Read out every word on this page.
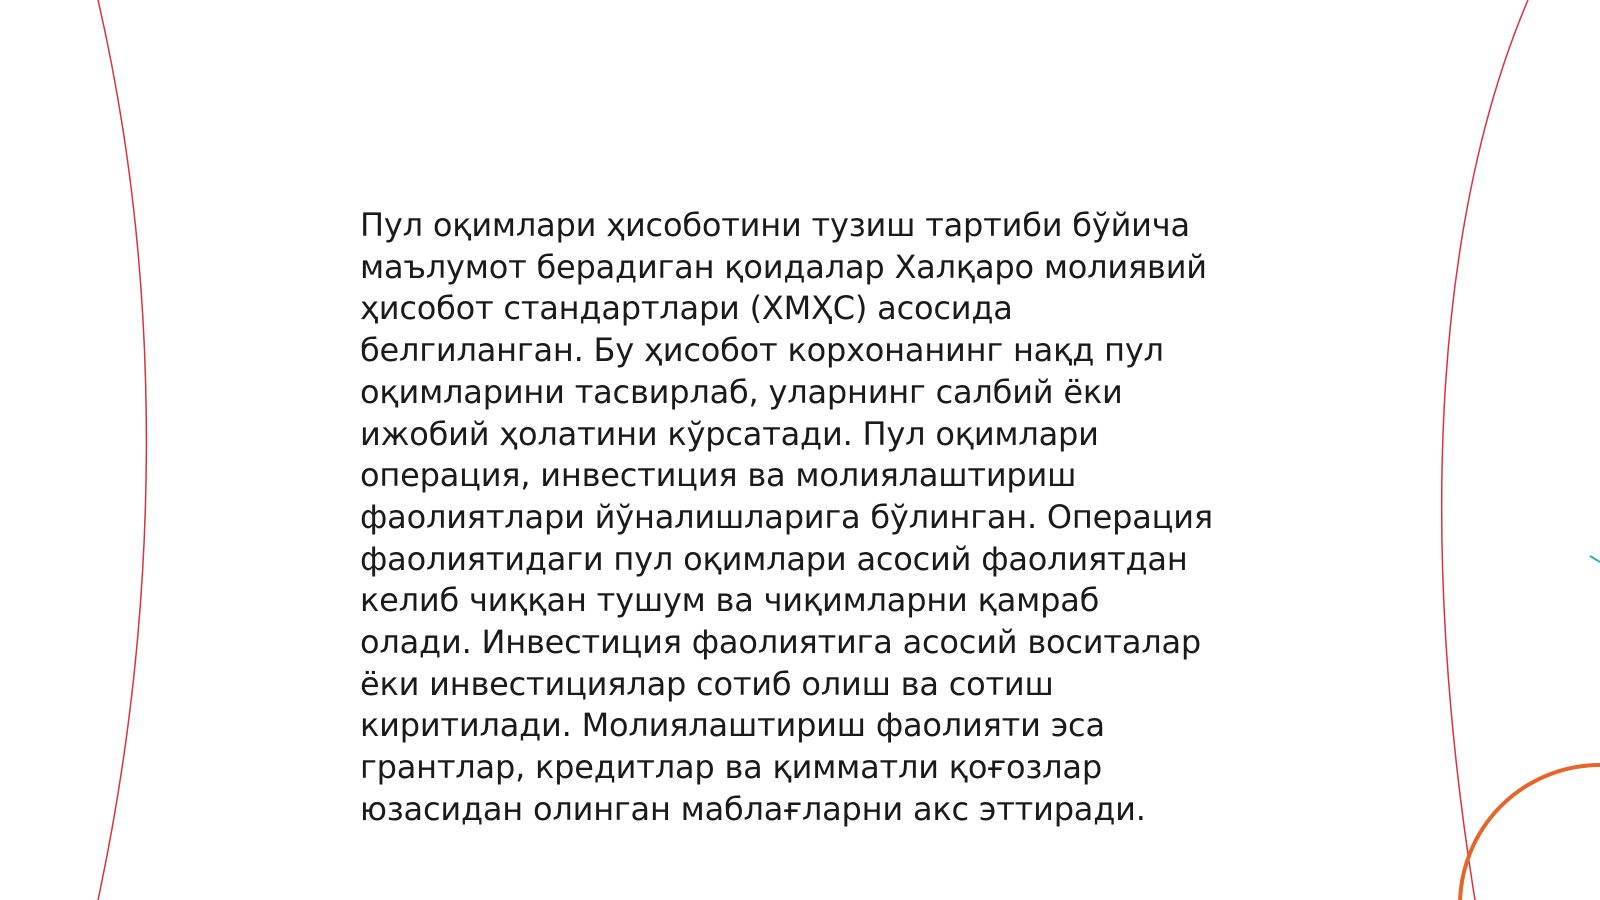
Пул оқимлари ҳисоботини тузиш тартиби бўйича
маълумот берадиган қоидалар Халқаро молиявий
ҳисобот стандартлари (ХМҲС) асосида
белгиланган. Бу ҳисобот корхонанинг нақд пул
оқимларини тасвирлаб, уларнинг салбий ёки
ижобий ҳолатини кўрсатади. Пул оқимлари
операция, инвестиция ва молиялаштириш
фаолиятлари йўналишларига бўлинган. Операция
фаолиятидаги пул оқимлари асосий фаолиятдан
келиб чиққан тушум ва чиқимларни қамраб
олади. Инвестиция фаолиятига асосий воситалар
ёки инвестициялар сотиб олиш ва сотиш
киритилади. Молиялаштириш фаолияти эса
грантлар, кредитлар ва қимматли қоғозлар
юзасидан олинган маблағларни акс эттиради.
